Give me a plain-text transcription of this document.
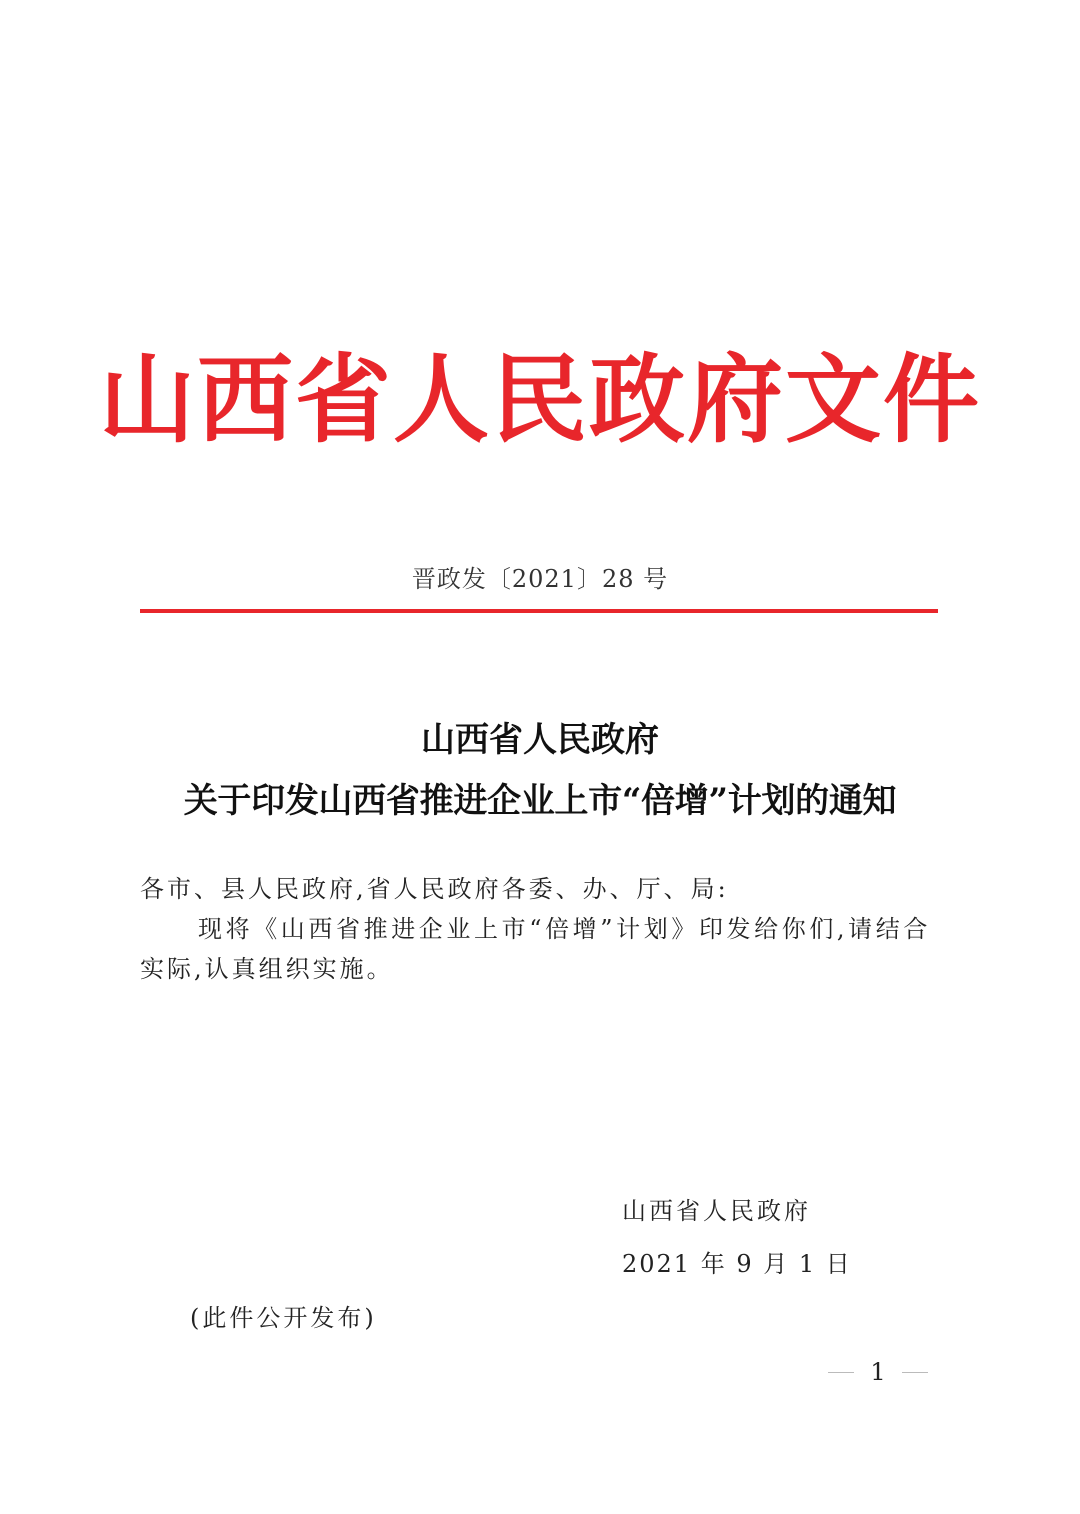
山西省人民政府文件
晋政发〔2021〕28 号
山西省人民政府
关于印发山西省推进企业上市“倍增”计划的通知
各市、县人民政府,省人民政府各委、办、厅、局:
现将《山西省推进企业上市“倍增”计划》印发给你们,请结合
实际,认真组织实施。
山西省人民政府
2021 年 9 月 1 日
(此件公开发布)
1
